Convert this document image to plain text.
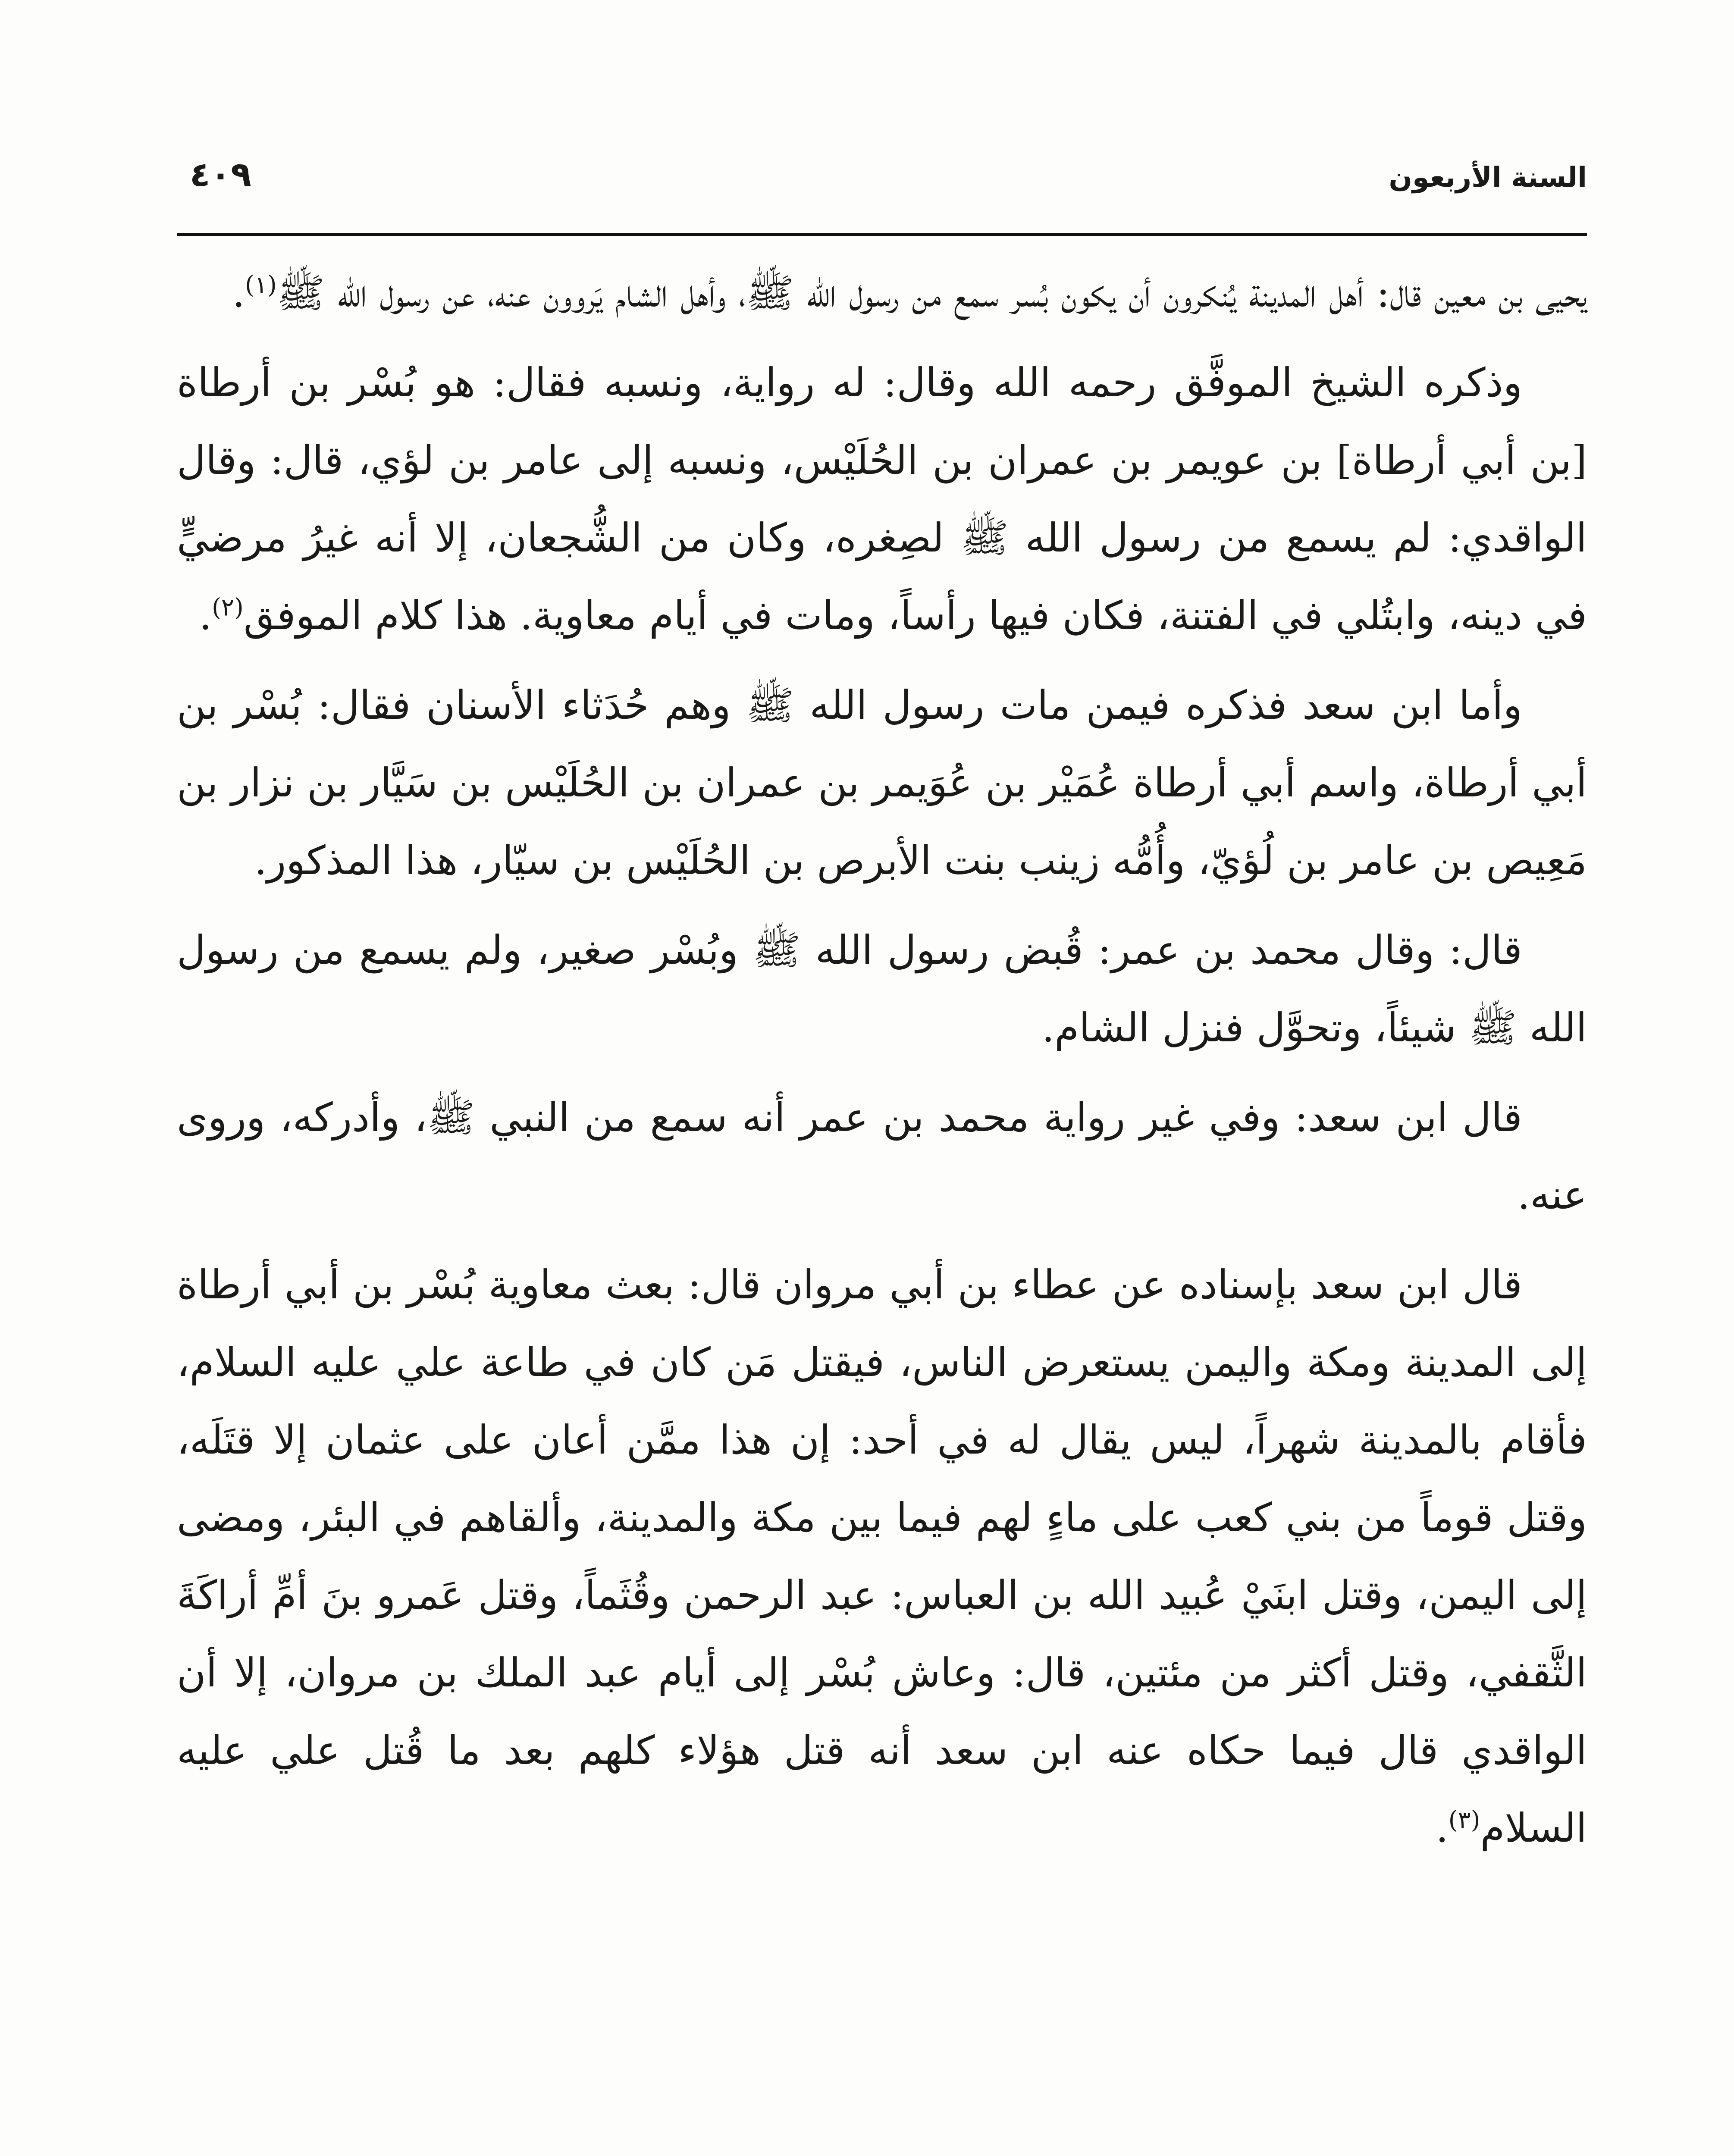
السنة الأربعون
٤٠٩

يحيى بن معين قال: أهل المدينة يُنكرون أن يكون بُسر سمع من رسول الله ﷺ، وأهل الشام يَروون عنه، عن رسول الله ﷺ$^{(١)}$.

وذكره الشيخ الموفَّق رحمه الله وقال: له رواية، ونسبه فقال: هو بُسْر بن أرطاة [بن أبي أرطاة] بن عويمر بن عمران بن الحُلَيْس، ونسبه إلى عامر بن لؤي، قال: وقال الواقدي: لم يسمع من رسول الله ﷺ لصِغره، وكان من الشُّجعان، إلا أنه غيرُ مرضيٍّ في دينه، وابتُلي في الفتنة، فكان فيها رأساً، ومات في أيام معاوية. هذا كلام الموفق$^{(٢)}$.

وأما ابن سعد فذكره فيمن مات رسول الله ﷺ وهم حُدَثاء الأسنان فقال: بُسْر بن أبي أرطاة، واسم أبي أرطاة عُمَيْر بن عُوَيمر بن عمران بن الحُلَيْس بن سَيَّار بن نزار بن مَعِيص بن عامر بن لُؤيّ، وأُمُّه زينب بنت الأبرص بن الحُلَيْس بن سيّار، هذا المذكور.

قال: وقال محمد بن عمر: قُبض رسول الله ﷺ وبُسْر صغير، ولم يسمع من رسول الله ﷺ شيئاً، وتحوَّل فنزل الشام.

قال ابن سعد: وفي غير رواية محمد بن عمر أنه سمع من النبي ﷺ، وأدركه، وروى عنه.

قال ابن سعد بإسناده عن عطاء بن أبي مروان قال: بعث معاوية بُسْر بن أبي أرطاة إلى المدينة ومكة واليمن يستعرض الناس، فيقتل مَن كان في طاعة علي عليه السلام، فأقام بالمدينة شهراً، ليس يقال له في أحد: إن هذا ممَّن أعان على عثمان إلا قتَلَه، وقتل قوماً من بني كعب على ماءٍ لهم فيما بين مكة والمدينة، وألقاهم في البئر، ومضى إلى اليمن، وقتل ابنَيْ عُبيد الله بن العباس: عبد الرحمن وقُثَماً، وقتل عَمرو بنَ أمِّ أراكَةَ الثَّقفي، وقتل أكثر من مئتين، قال: وعاش بُسْر إلى أيام عبد الملك بن مروان، إلا أن الواقدي قال فيما حكاه عنه ابن سعد أنه قتل هؤلاء كلهم بعد ما قُتل علي عليه السلام$^{(٣)}$.
